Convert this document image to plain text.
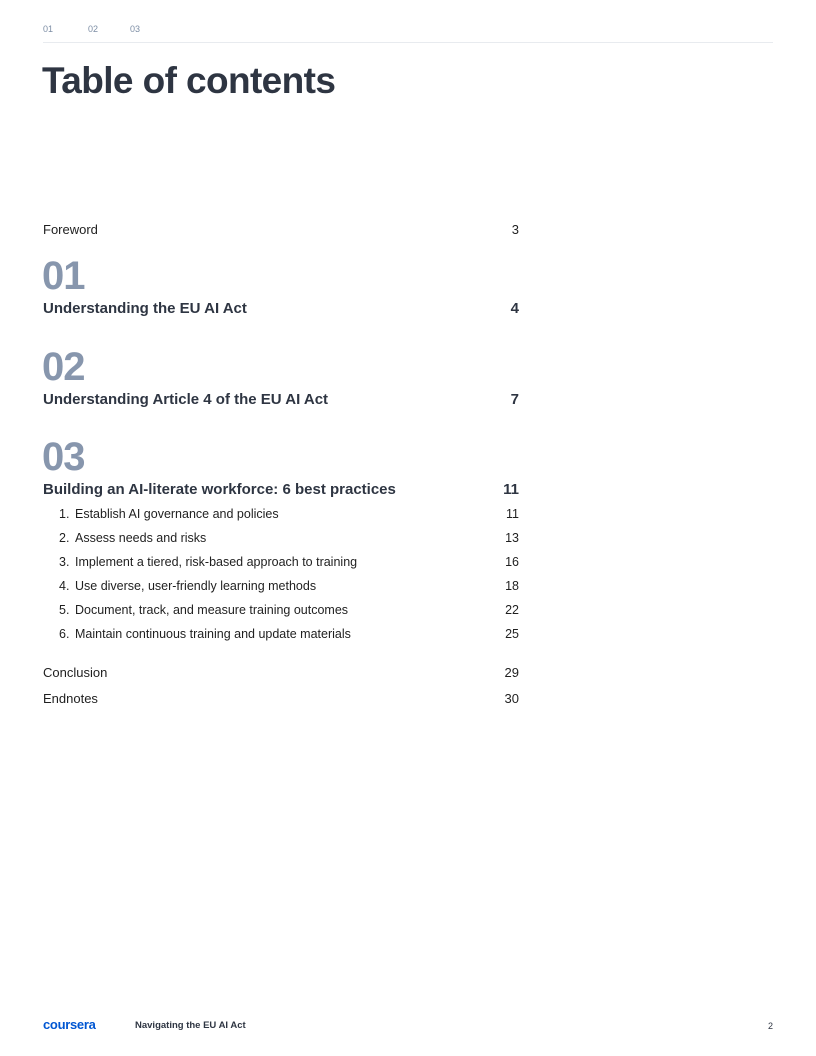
01	02	03
Table of contents
Foreword	3
01
Understanding the EU AI Act	4
02
Understanding Article 4 of the EU AI Act	7
03
Building an AI-literate workforce: 6 best practices	11
1. Establish AI governance and policies	11
2. Assess needs and risks	13
3. Implement a tiered, risk-based approach to training	16
4. Use diverse, user-friendly learning methods	18
5. Document, track, and measure training outcomes	22
6. Maintain continuous training and update materials	25
Conclusion	29
Endnotes	30
coursera	Navigating the EU AI Act	2
